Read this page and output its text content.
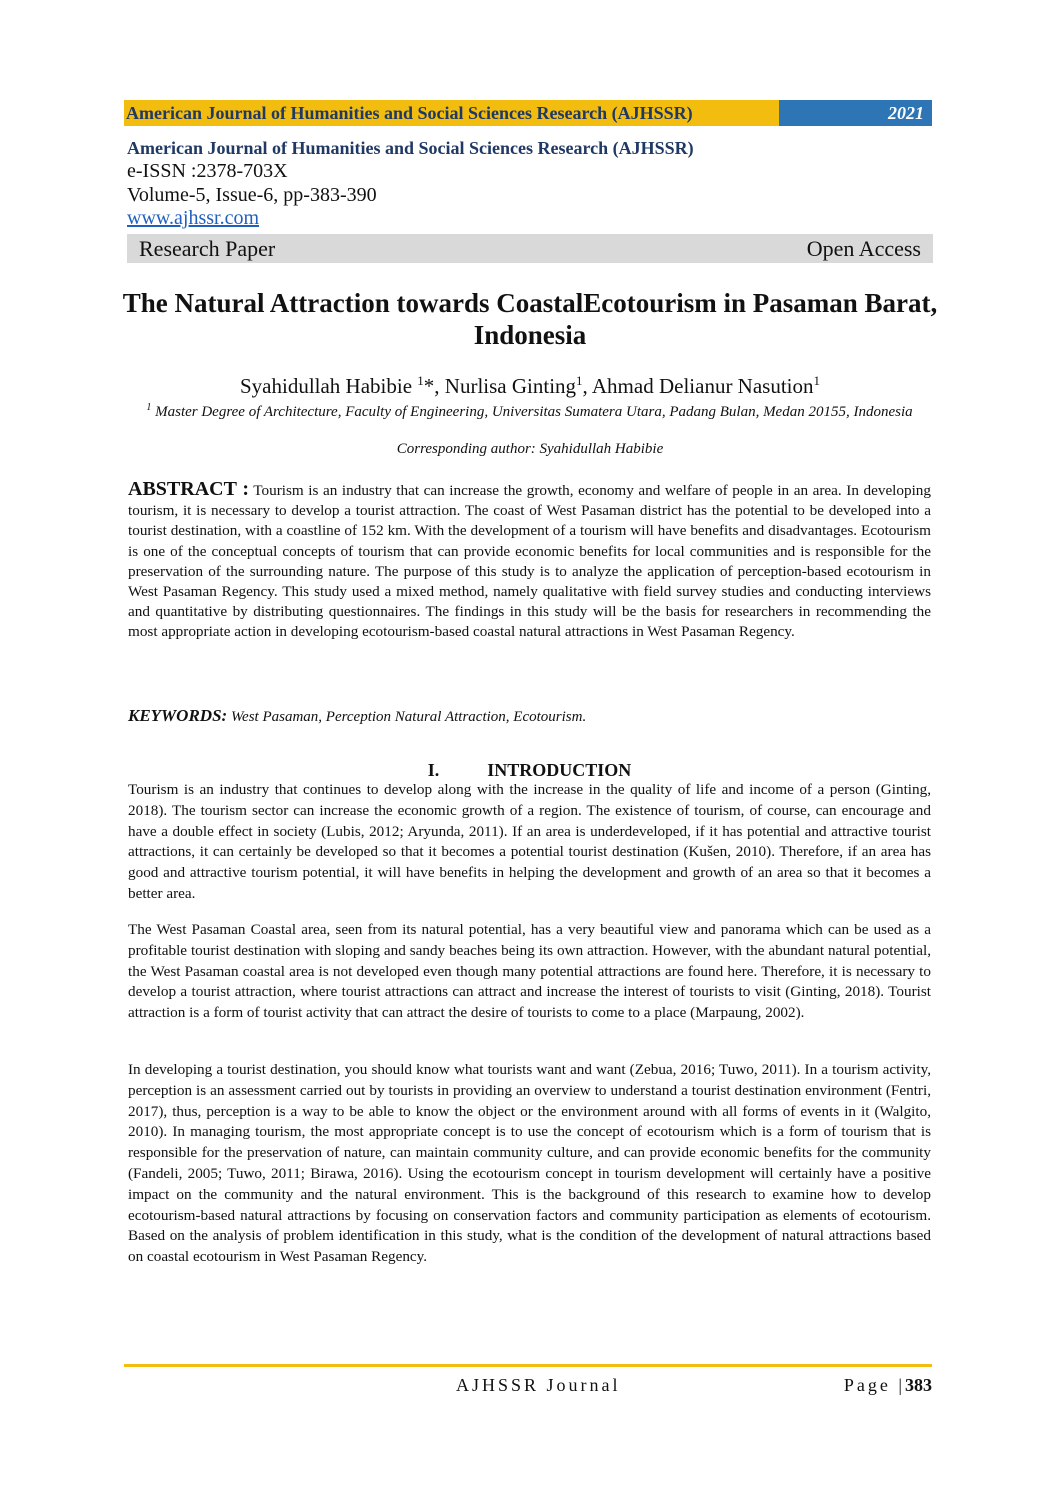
American Journal of Humanities and Social Sciences Research (AJHSSR)	2021
American Journal of Humanities and Social Sciences Research (AJHSSR)
e-ISSN :2378-703X
Volume-5, Issue-6, pp-383-390
www.ajhssr.com
Research Paper	Open Access
The Natural Attraction towards CoastalEcotourism in Pasaman Barat, Indonesia
Syahidullah Habibie $^1$*, Nurlisa Ginting$^1$, Ahmad Delianur Nasution$^1$
$^1$ Master Degree of Architecture, Faculty of Engineering, Universitas Sumatera Utara, Padang Bulan, Medan 20155, Indonesia
Corresponding author: Syahidullah Habibie
ABSTRACT : Tourism is an industry that can increase the growth, economy and welfare of people in an area. In developing tourism, it is necessary to develop a tourist attraction. The coast of West Pasaman district has the potential to be developed into a tourist destination, with a coastline of 152 km. With the development of a tourism will have benefits and disadvantages. Ecotourism is one of the conceptual concepts of tourism that can provide economic benefits for local communities and is responsible for the preservation of the surrounding nature. The purpose of this study is to analyze the application of perception-based ecotourism in West Pasaman Regency. This study used a mixed method, namely qualitative with field survey studies and conducting interviews and quantitative by distributing questionnaires. The findings in this study will be the basis for researchers in recommending the most appropriate action in developing ecotourism-based coastal natural attractions in West Pasaman Regency.
KEYWORDS: West Pasaman, Perception Natural Attraction, Ecotourism.
I.	INTRODUCTION
Tourism is an industry that continues to develop along with the increase in the quality of life and income of a person (Ginting, 2018). The tourism sector can increase the economic growth of a region. The existence of tourism, of course, can encourage and have a double effect in society (Lubis, 2012; Aryunda, 2011). If an area is underdeveloped, if it has potential and attractive tourist attractions, it can certainly be developed so that it becomes a potential tourist destination (Kušen, 2010). Therefore, if an area has good and attractive tourism potential, it will have benefits in helping the development and growth of an area so that it becomes a better area.
The West Pasaman Coastal area, seen from its natural potential, has a very beautiful view and panorama which can be used as a profitable tourist destination with sloping and sandy beaches being its own attraction. However, with the abundant natural potential, the West Pasaman coastal area is not developed even though many potential attractions are found here. Therefore, it is necessary to develop a tourist attraction, where tourist attractions can attract and increase the interest of tourists to visit (Ginting, 2018). Tourist attraction is a form of tourist activity that can attract the desire of tourists to come to a place (Marpaung, 2002).
In developing a tourist destination, you should know what tourists want and want (Zebua, 2016; Tuwo, 2011). In a tourism activity, perception is an assessment carried out by tourists in providing an overview to understand a tourist destination environment (Fentri, 2017), thus, perception is a way to be able to know the object or the environment around with all forms of events in it (Walgito, 2010). In managing tourism, the most appropriate concept is to use the concept of ecotourism which is a form of tourism that is responsible for the preservation of nature, can maintain community culture, and can provide economic benefits for the community (Fandeli, 2005; Tuwo, 2011; Birawa, 2016). Using the ecotourism concept in tourism development will certainly have a positive impact on the community and the natural environment. This is the background of this research to examine how to develop ecotourism-based natural attractions by focusing on conservation factors and community participation as elements of ecotourism. Based on the analysis of problem identification in this study, what is the condition of the development of natural attractions based on coastal ecotourism in West Pasaman Regency.
AJHSSR Journal	Page |383
